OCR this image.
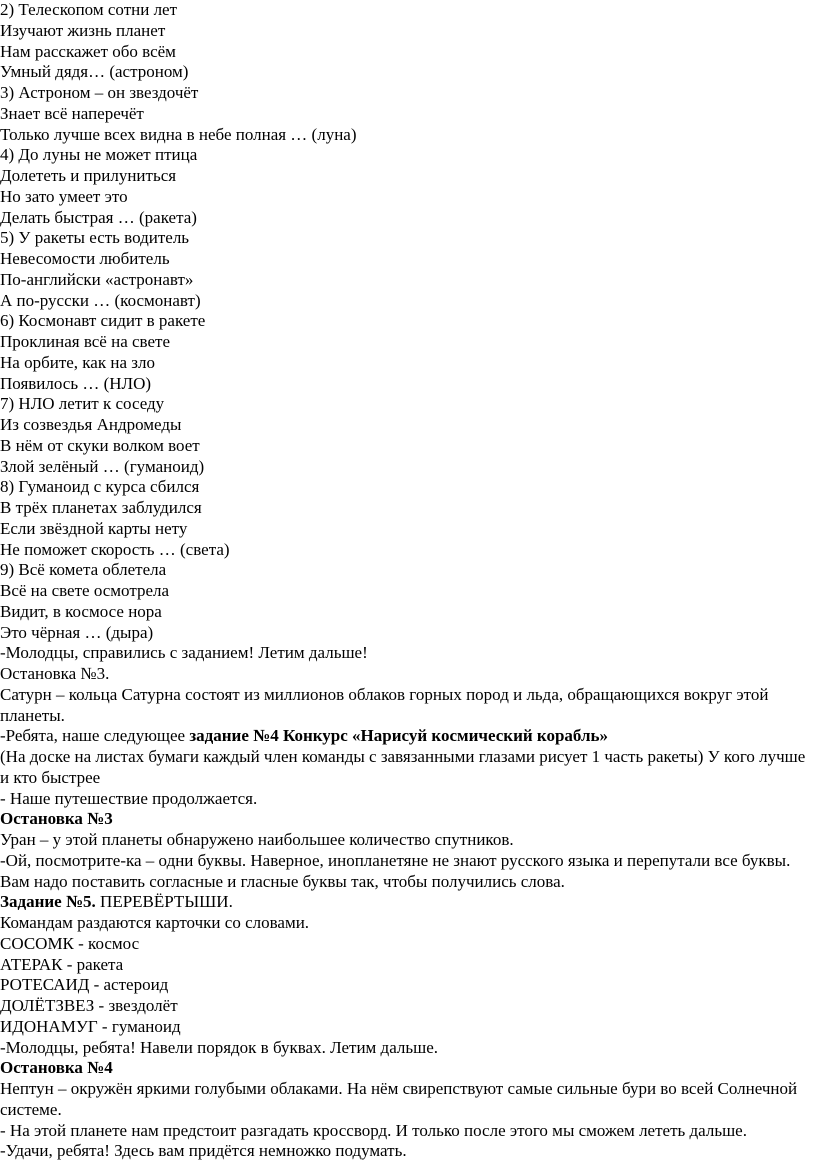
2) Телескопом сотни лет
Изучают жизнь планет
Нам расскажет обо всём
Умный дядя… (астроном)
3) Астроном – он звездочёт
Знает всё наперечёт
Только лучше всех видна в небе полная … (луна)
4) До луны не может птица
Долететь и прилуниться
Но зато умеет это
Делать быстрая … (ракета)
5) У ракеты есть водитель
Невесомости любитель
По-английски «астронавт»
А по-русски … (космонавт)
6) Космонавт сидит в ракете
Проклиная всё на свете
На орбите, как на зло
Появилось … (НЛО)
7) НЛО летит к соседу
Из созвездья Андромеды
В нём от скуки волком воет
Злой зелёный … (гуманоид)
8) Гуманоид с курса сбился
В трёх планетах заблудился
Если звёздной карты нету
Не поможет скорость … (света)
9) Всё комета облетела
Всё на свете осмотрела
Видит, в космосе нора
Это чёрная … (дыра)
-Молодцы, справились с заданием! Летим дальше!
Остановка №3.
Сатурн – кольца Сатурна состоят из миллионов облаков горных пород и льда, обращающихся вокруг этой планеты.
-Ребята, наше следующее задание №4 Конкурс «Нарисуй космический корабль»
(На доске на листах бумаги каждый член команды с завязанными глазами рисует 1 часть ракеты) У кого лучше и кто быстрее
- Наше путешествие продолжается.
Остановка №3
Уран – у этой планеты обнаружено наибольшее количество спутников.
-Ой, посмотрите-ка – одни буквы. Наверное, инопланетяне не знают русского языка и перепутали все буквы. Вам надо поставить согласные и гласные буквы так, чтобы получились слова.
Задание №5. ПЕРЕВЁРТЫШИ.
Командам раздаются карточки со словами.
СОСОМК - космос
АТЕРАК - ракета
РОТЕСАИД - астероид
ДОЛЁТЗВЕЗ - звездолёт
ИДОНАМУГ - гуманоид
-Молодцы, ребята! Навели порядок в буквах. Летим дальше.
Остановка №4
Нептун – окружён яркими голубыми облаками. На нём свирепствуют самые сильные бури во всей Солнечной системе.
- На этой планете нам предстоит разгадать кроссворд. И только после этого мы сможем лететь дальше.
-Удачи, ребята! Здесь вам придётся немножко подумать.
